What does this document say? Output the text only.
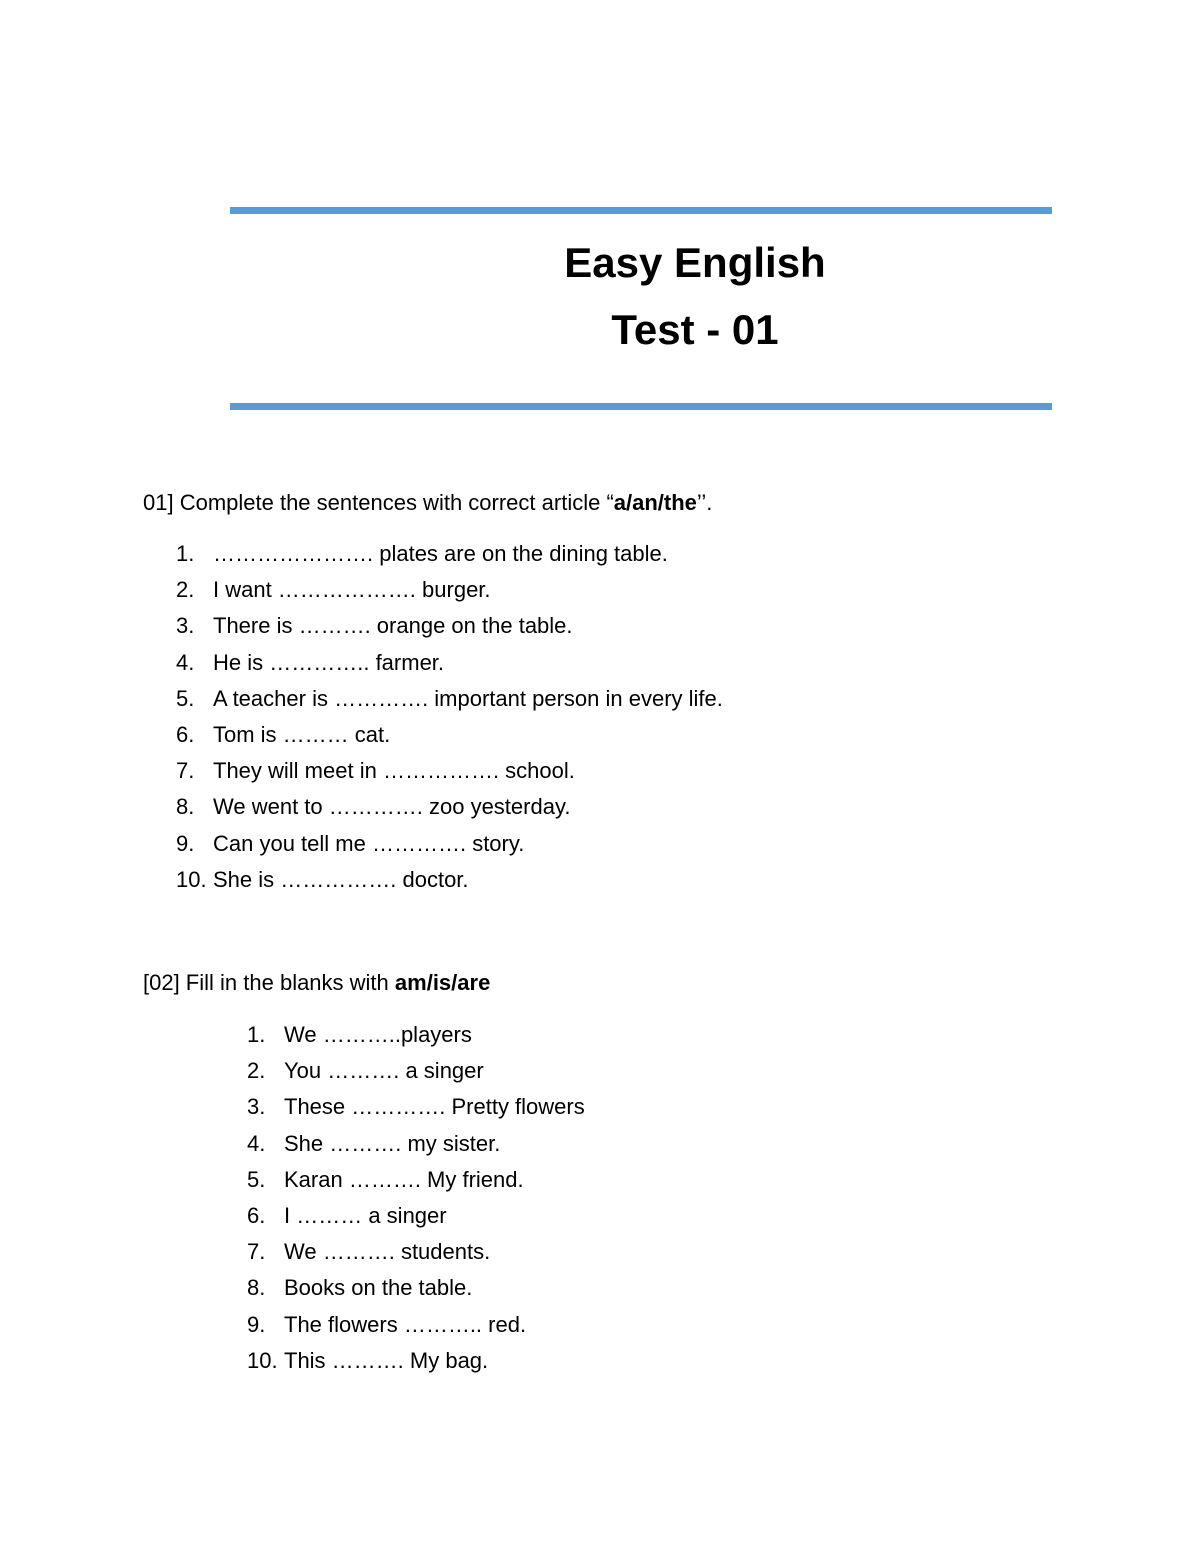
Easy English
Test - 01
01] Complete the sentences with correct article “a/an/the’’.
1. …………………. plates are on the dining table.
2. I want ………………. burger.
3. There is ………. orange on the table.
4. He is ………….. farmer.
5. A teacher is …………. important person in every life.
6. Tom is ……… cat.
7. They will meet in ……………. school.
8. We went to …………. zoo yesterday.
9. Can you tell me …………. story.
10. She is ……………. doctor.
[02] Fill in the blanks with am/is/are
1. We ………..players
2. You ………. a singer
3. These …………. Pretty flowers
4. She ………. my sister.
5. Karan ………. My friend.
6. I ……… a singer
7. We ………. students.
8. Books on the table.
9. The flowers ……….. red.
10. This ………. My bag.
